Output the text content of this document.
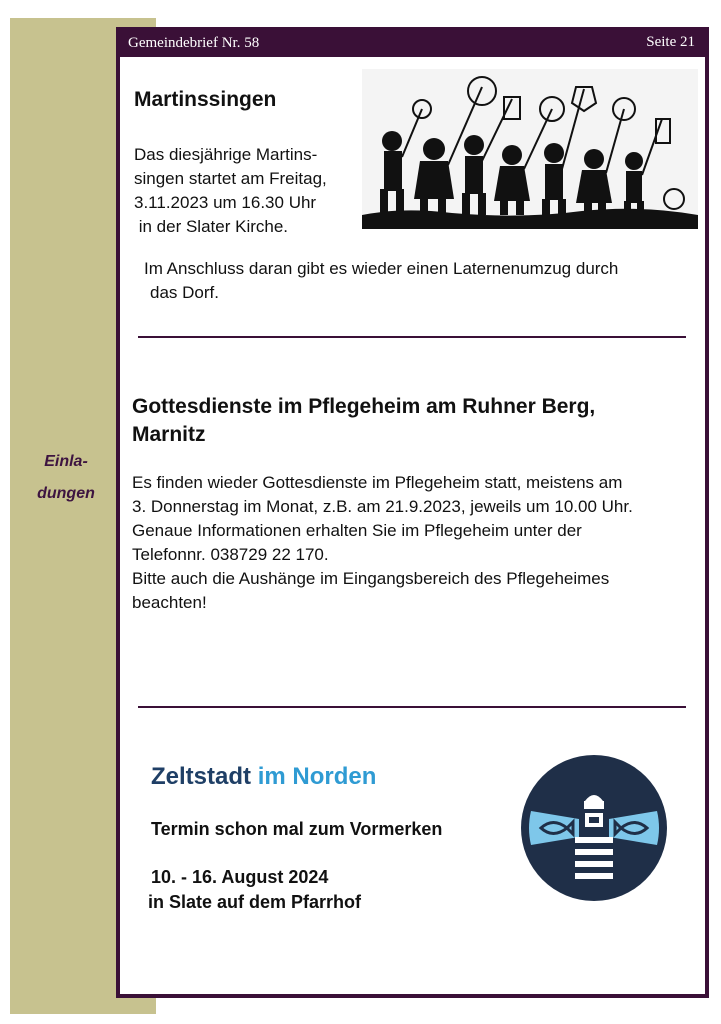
Einla-
dungen
Gemeindebrief Nr. 58	Seite 21
Martinssingen
Das diesjährige Martins-
singen startet am Freitag,
3.11.2023 um 16.30 Uhr
in der Slater Kirche.
Im Anschluss daran gibt es wieder einen Laternenumzug durch
das Dorf.
Gottesdienste im Pflegeheim am Ruhner Berg,
Marnitz
Es finden wieder Gottesdienste im Pflegeheim statt, meistens am
3. Donnerstag im Monat, z.B. am 21.9.2023, jeweils um 10.00 Uhr.
Genaue Informationen erhalten Sie im Pflegeheim unter der
Telefonnr. 038729 22 170.
Bitte auch die Aushänge im Eingangsbereich des Pflegeheimes
beachten!
Zeltstadt im Norden
Termin schon mal zum Vormerken
10. - 16. August 2024
in Slate auf dem Pfarrhof
